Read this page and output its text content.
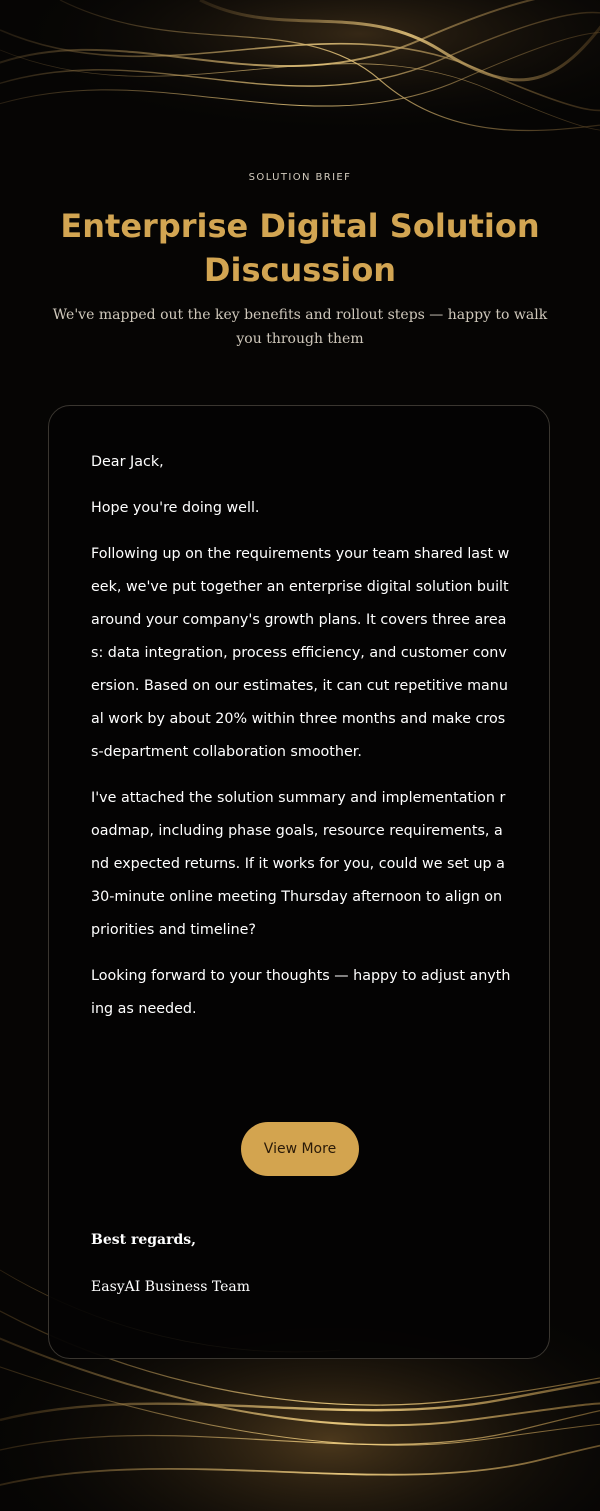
SOLUTION BRIEF
Enterprise Digital Solution Discussion

We've mapped out the key benefits and rollout steps — happy to walk you through them

Dear Jack,

Hope you're doing well.

Following up on the requirements your team shared last week, we've put together an enterprise digital solution built around your company's growth plans. It covers three areas: data integration, process efficiency, and customer conversion. Based on our estimates, it can cut repetitive manual work by about 20% within three months and make cross-department collaboration smoother.

I've attached the solution summary and implementation roadmap, including phase goals, resource requirements, and expected returns. If it works for you, could we set up a 30-minute online meeting Thursday afternoon to align on priorities and timeline?

Looking forward to your thoughts — happy to adjust anything as needed.

View More

Best regards,

EasyAI Business Team
